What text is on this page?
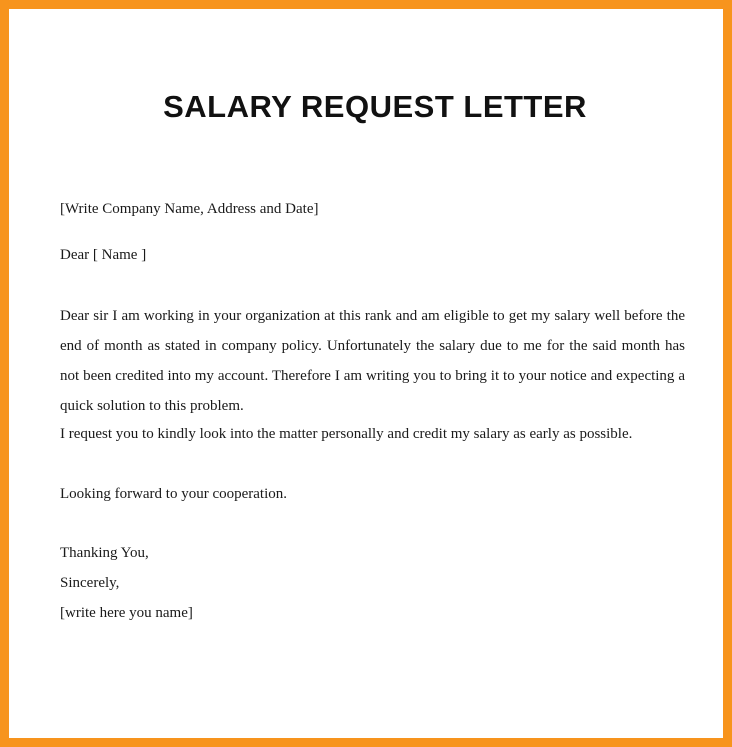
SALARY REQUEST LETTER

[Write Company Name, Address and Date]

Dear [ Name ]

Dear sir I am working in your organization at this rank and am eligible to get my salary well before the end of month as stated in company policy. Unfortunately the salary due to me for the said month has not been credited into my account. Therefore I am writing you to bring it to your notice and expecting a quick solution to this problem.

I request you to kindly look into the matter personally and credit my salary as early as possible.

Looking forward to your cooperation.

Thanking You,

Sincerely,

[write here you name]
